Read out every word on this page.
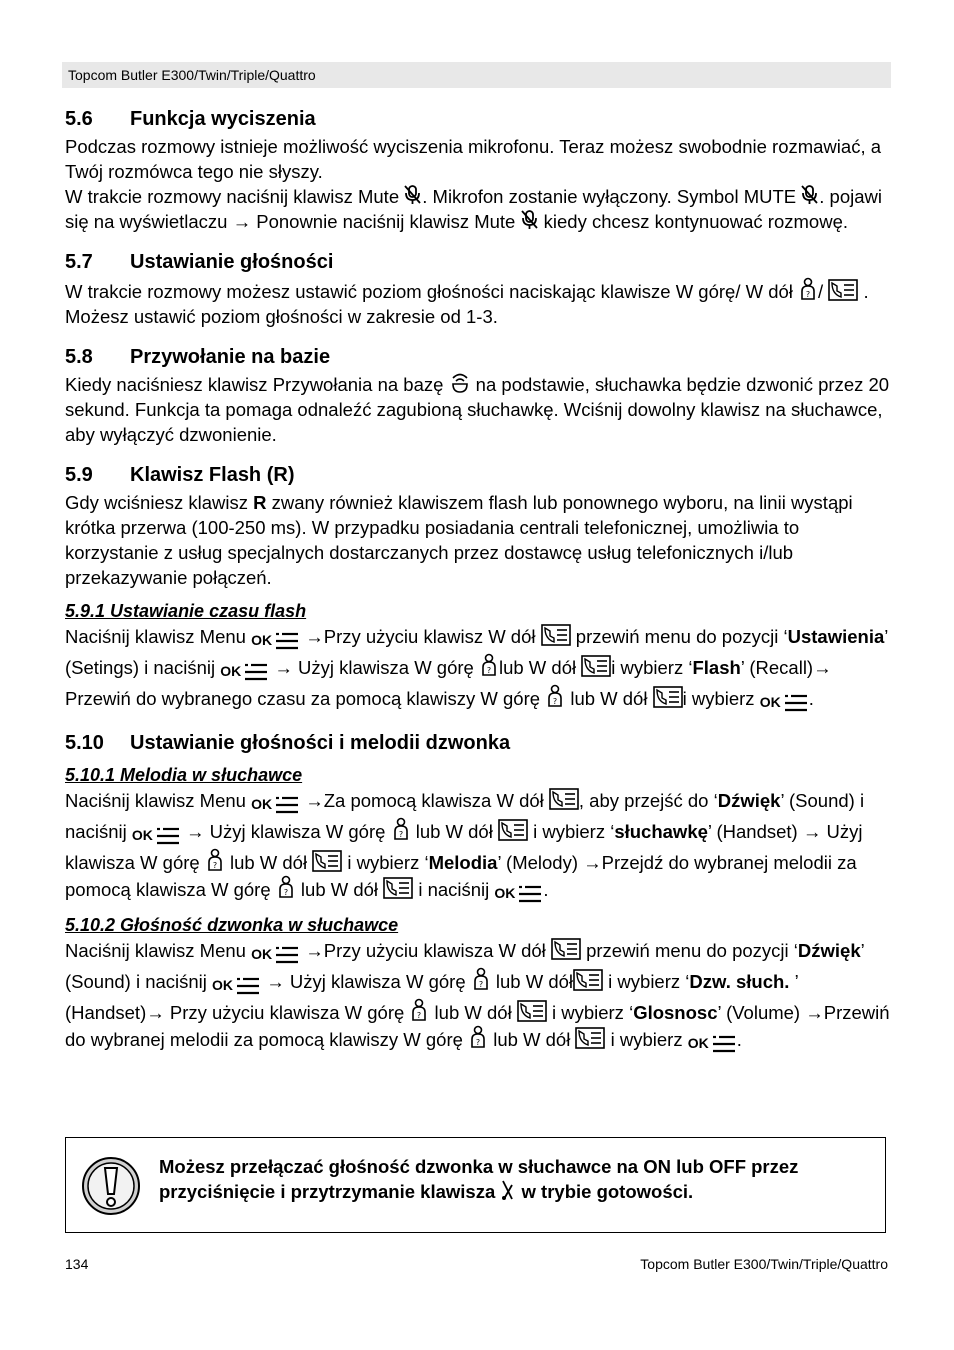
Topcom Butler E300/Twin/Triple/Quattro
5.6	Funkcja wyciszenia

Podczas rozmowy istnieje możliwość wyciszenia mikrofonu. Teraz możesz swobodnie rozmawiać, a Twój rozmówca tego nie słyszy.
W trakcie rozmowy naciśnij klawisz Mute . Mikrofon zostanie wyłączony. Symbol MUTE . pojawi się na wyświetlaczu → Ponownie naciśnij klawisz Mute  kiedy chcesz kontynuować rozmowę.

5.7	Ustawianie głośności

W trakcie rozmowy możesz ustawić poziom głośności naciskając klawisze W górę/ W dół /  . Możesz ustawić poziom głośności w zakresie od 1-3.

5.8	Przywołanie na bazie

Kiedy naciśniesz klawisz Przywołania na bazę  na podstawie, słuchawka będzie dzwonić przez 20 sekund. Funkcja ta pomaga odnaleźć zagubioną słuchawkę. Wciśnij dowolny klawisz na słuchawce, aby wyłączyć dzwonienie.

5.9	Klawisz Flash (R)

Gdy wciśniesz klawisz R zwany również klawiszem flash lub ponownego wyboru, na linii wystąpi krótka przerwa (100-250 ms). W przypadku posiadania centrali telefonicznej, umożliwia to korzystanie z usług specjalnych dostarczanych przez dostawcę usług telefonicznych i/lub przekazywanie połączeń.

5.9.1 Ustawianie czasu flash

Naciśnij klawisz Menu OK →Przy użyciu klawisz W dół  przewiń menu do pozycji ‘Ustawienia’ (Setings) i naciśnij OK → Użyj klawisza W górę lub W dół i wybierz ‘Flash’ (Recall)→ Przewiń do wybranego czasu za pomocą klawiszy W górę  lub W dół i wybierz OK .

5.10	Ustawianie głośności i melodii dzwonka
5.10.1 Melodia w słuchawce

Naciśnij klawisz Menu OK →Za pomocą klawisza W dół , aby przejść do ‘Dźwięk’ (Sound) i naciśnij OK → Użyj klawisza W górę  lub W dół  i wybierz ‘słuchawkę’ (Handset) → Użyj klawisza W górę  lub W dół  i wybierz ‘Melodia’ (Melody) →Przejdź do wybranej melodii za pomocą klawisza W górę  lub W dół  i naciśnij OK .

5.10.2 Głośność dzwonka w słuchawce

Naciśnij klawisz Menu OK →Przy użyciu klawisza W dół  przewiń menu do pozycji ‘Dźwięk’ (Sound) i naciśnij OK → Użyj klawisza W górę  lub W dół i wybierz ‘Dzw. słuch. ’ (Handset)→ Przy użyciu klawisza W górę  lub W dół  i wybierz ‘Glosnosc’ (Volume) →Przewiń do wybranej melodii za pomocą klawiszy W górę  lub W dół  i wybierz OK .

Możesz przełączać głośność dzwonka w słuchawce na ON lub OFF przez przyciśnięcie i przytrzymanie klawisza  w trybie gotowości.
134	Topcom Butler E300/Twin/Triple/Quattro
